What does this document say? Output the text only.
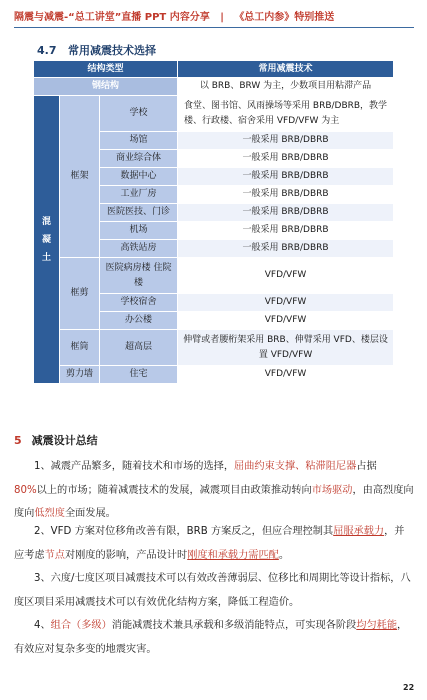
隔震与减震-“总工讲堂”直播 PPT 内容分享 | 《总工内参》特别推送
4.7 常用减震技术选择
结构类型			常用减震技术
钢结构			以 BRB、BRW 为主，少数项目用粘滞产品
混
凝
土	框架	学校	食堂、图书馆、风雨操场等采用 BRB/DBRB，教学楼、行政楼、宿舍采用 VFD/VFW 为主
		场馆	一般采用 BRB/DBRB
		商业综合体	一般采用 BRB/DBRB
		数据中心	一般采用 BRB/DBRB
		工业厂房	一般采用 BRB/DBRB
		医院医技、门诊	一般采用 BRB/DBRB
		机场	一般采用 BRB/DBRB
		高铁站房	一般采用 BRB/DBRB
	框剪	医院病房楼 住院楼	VFD/VFW
		学校宿舍	VFD/VFW
		办公楼	VFD/VFW
	框筒	超高层	伸臂或者腰桁架采用 BRB、伸臂采用 VFD、楼层设置 VFD/VFW
	剪力墙	住宅	VFD/VFW
5 减震设计总结

1、减震产品繁多，随着技术和市场的选择，屈曲约束支撑、粘滞阻尼器占据
80%以上的市场；随着减震技术的发展，减震项目由政策推动转向市场驱动，由高烈度向
度向低烈度全面发展。

2、VFD 方案对位移角改善有限，BRB 方案反之，但应合理控制其屈服承载力，并应考虑节点对刚度的影响，产品设计时刚度和承载力需匹配。

3、六度/七度区项目减震技术可以有效改善薄弱层、位移比和周期比等设计指标，八度区项目采用减震技术可以有效优化结构方案，降低工程造价。

4、组合（多级）消能减震技术兼具承载和多级消能特点，可实现各阶段均匀耗能，有效应对复杂多变的地震灾害。

22
